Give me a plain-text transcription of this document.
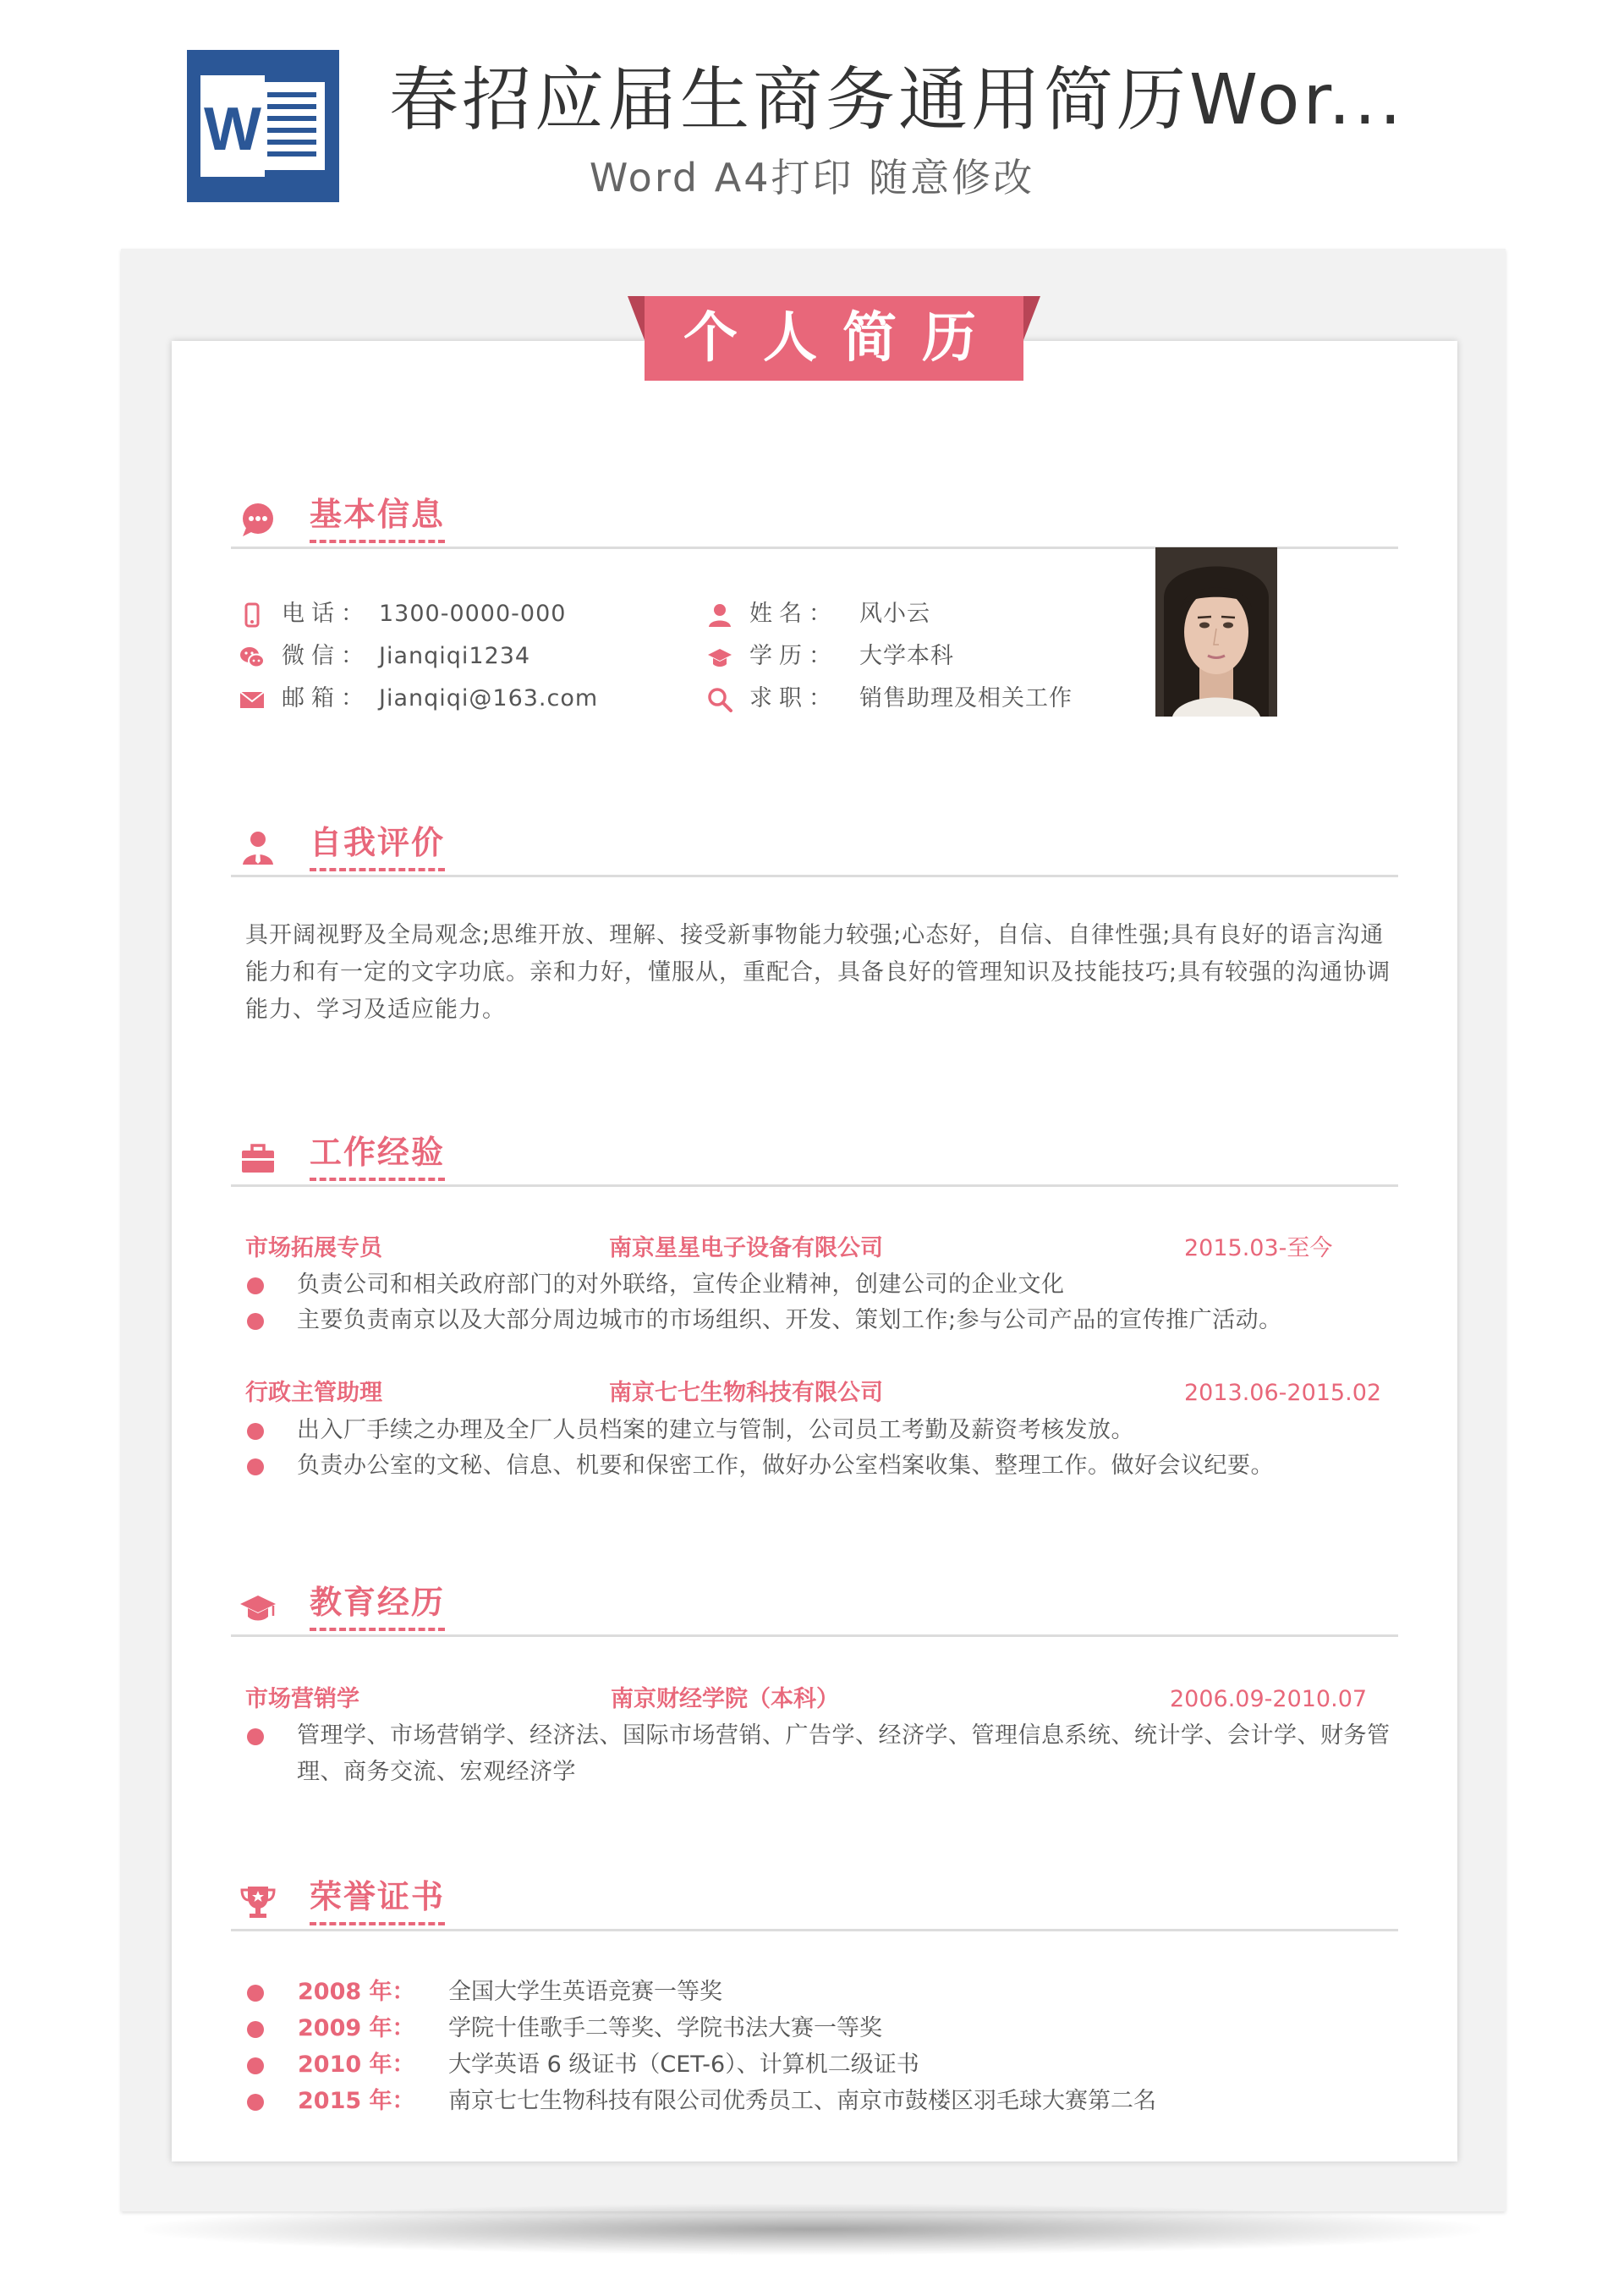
W 春招应届生商务通用简历Wor...
Word A4打印 随意修改
个人简历
基本信息
电话： 1300-0000-000
微信： Jianqiqi1234
邮箱： Jianqiqi@163.com
姓名： 风小云
学历： 大学本科
求职： 销售助理及相关工作
自我评价
具开阔视野及全局观念;思维开放、理解、接受新事物能力较强;心态好，自信、自律性强;具有良好的语言沟通能力和有一定的文字功底。亲和力好，懂服从，重配合，具备良好的管理知识及技能技巧;具有较强的沟通协调能力、学习及适应能力。
工作经验
市场拓展专员	南京星星电子设备有限公司	2015.03-至今
负责公司和相关政府部门的对外联络，宣传企业精神，创建公司的企业文化
主要负责南京以及大部分周边城市的市场组织、开发、策划工作;参与公司产品的宣传推广活动。
行政主管助理	南京七七生物科技有限公司	2013.06-2015.02
出入厂手续之办理及全厂人员档案的建立与管制，公司员工考勤及薪资考核发放。
负责办公室的文秘、信息、机要和保密工作，做好办公室档案收集、整理工作。做好会议纪要。
教育经历
市场营销学	南京财经学院（本科）	2006.09-2010.07
管理学、市场营销学、经济法、国际市场营销、广告学、经济学、管理信息系统、统计学、会计学、财务管理、商务交流、宏观经济学
荣誉证书
2008 年： 全国大学生英语竞赛一等奖
2009 年： 学院十佳歌手二等奖、学院书法大赛一等奖
2010 年： 大学英语 6 级证书（CET-6）、计算机二级证书
2015 年： 南京七七生物科技有限公司优秀员工、南京市鼓楼区羽毛球大赛第二名
